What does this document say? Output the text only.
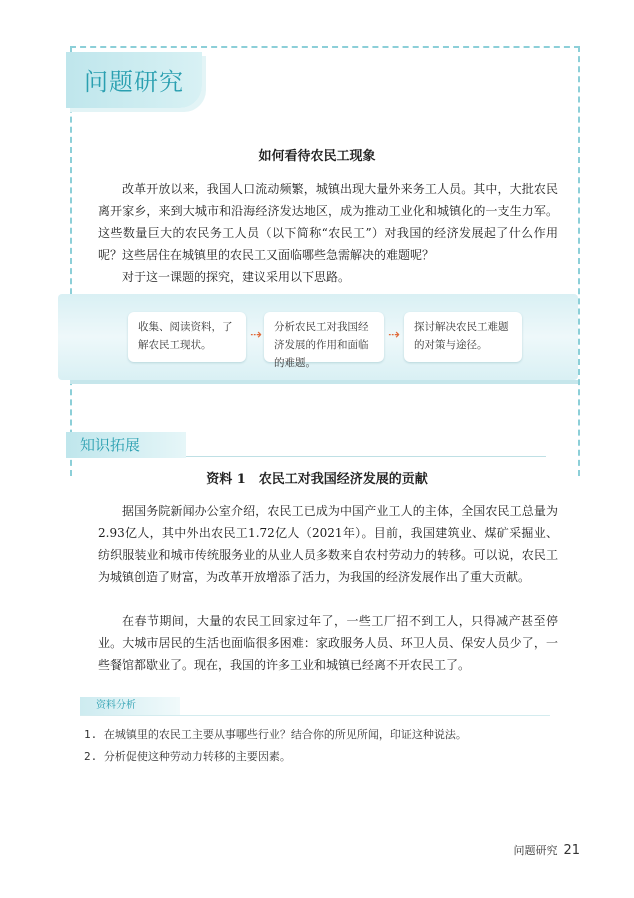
问题研究
如何看待农民工现象

改革开放以来，我国人口流动频繁，城镇出现大量外来务工人员。其中，大批农民离开家乡，来到大城市和沿海经济发达地区，成为推动工业化和城镇化的一支生力军。这些数量巨大的农民务工人员（以下简称“农民工”）对我国的经济发展起了什么作用呢？这些居住在城镇里的农民工又面临哪些急需解决的难题呢？

对于这一课题的探究，建议采用以下思路。

收集、阅读资料，了解农民工现状。
⇢	分析农民工对我国经济发展的作用和面临的难题。
⇢	探讨解决农民工难题的对策与途径。
知识拓展
资料 1　农民工对我国经济发展的贡献

据国务院新闻办公室介绍，农民工已成为中国产业工人的主体，全国农民工总量为2.93亿人，其中外出农民工1.72亿人（2021年）。目前，我国建筑业、煤矿采掘业、纺织服装业和城市传统服务业的从业人员多数来自农村劳动力的转移。可以说，农民工为城镇创造了财富，为改革开放增添了活力，为我国的经济发展作出了重大贡献。

在春节期间，大量的农民工回家过年了，一些工厂招不到工人，只得减产甚至停业。大城市居民的生活也面临很多困难：家政服务人员、环卫人员、保安人员少了，一些餐馆都歇业了。现在，我国的许多工业和城镇已经离不开农民工了。

资料分析
1. 在城镇里的农民工主要从事哪些行业？结合你的所见所闻，印证这种说法。
2. 分析促使这种劳动力转移的主要因素。
问题研究 21
